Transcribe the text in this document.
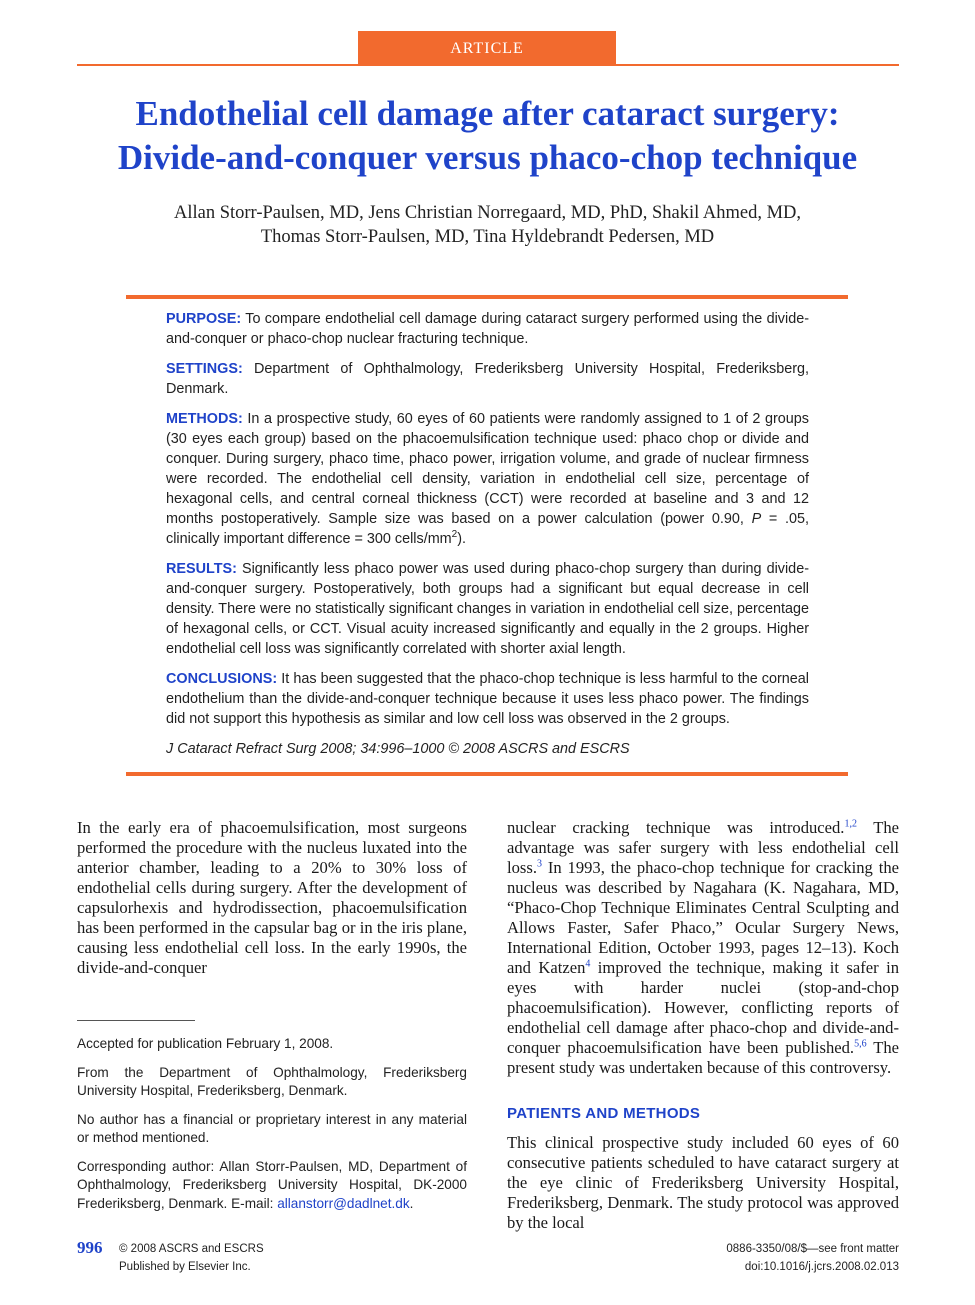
ARTICLE
Endothelial cell damage after cataract surgery:
Divide-and-conquer versus phaco-chop technique
Allan Storr-Paulsen, MD, Jens Christian Norregaard, MD, PhD, Shakil Ahmed, MD,
Thomas Storr-Paulsen, MD, Tina Hyldebrandt Pedersen, MD

PURPOSE: To compare endothelial cell damage during cataract surgery performed using the divide-and-conquer or phaco-chop nuclear fracturing technique.

SETTINGS: Department of Ophthalmology, Frederiksberg University Hospital, Frederiksberg, Denmark.

METHODS: In a prospective study, 60 eyes of 60 patients were randomly assigned to 1 of 2 groups (30 eyes each group) based on the phacoemulsification technique used: phaco chop or divide and conquer. During surgery, phaco time, phaco power, irrigation volume, and grade of nuclear firmness were recorded. The endothelial cell density, variation in endothelial cell size, percentage of hexagonal cells, and central corneal thickness (CCT) were recorded at baseline and 3 and 12 months postoperatively. Sample size was based on a power calculation (power 0.90, P = .05, clinically important difference = 300 cells/$mm^2$).

RESULTS: Significantly less phaco power was used during phaco-chop surgery than during divide-and-conquer surgery. Postoperatively, both groups had a significant but equal decrease in cell density. There were no statistically significant changes in variation in endothelial cell size, percentage of hexagonal cells, or CCT. Visual acuity increased significantly and equally in the 2 groups. Higher endothelial cell loss was significantly correlated with shorter axial length.

CONCLUSIONS: It has been suggested that the phaco-chop technique is less harmful to the corneal endothelium than the divide-and-conquer technique because it uses less phaco power. The findings did not support this hypothesis as similar and low cell loss was observed in the 2 groups.

J Cataract Refract Surg 2008; 34:996–1000 © 2008 ASCRS and ESCRS

In the early era of phacoemulsification, most surgeons performed the procedure with the nucleus luxated into the anterior chamber, leading to a 20% to 30% loss of endothelial cells during surgery. After the development of capsulorhexis and hydrodissection, phacoemulsification has been performed in the capsular bag or in the iris plane, causing less endothelial cell loss. In the early 1990s, the divide-and-conquer

Accepted for publication February 1, 2008.

From the Department of Ophthalmology, Frederiksberg University Hospital, Frederiksberg, Denmark.

No author has a financial or proprietary interest in any material or method mentioned.

Corresponding author: Allan Storr-Paulsen, MD, Department of Ophthalmology, Frederiksberg University Hospital, DK-2000 Frederiksberg, Denmark. E-mail: allanstorr@dadlnet.dk.

nuclear cracking technique was introduced.$^{1,2}$ The advantage was safer surgery with less endothelial cell loss.$^3$ In 1993, the phaco-chop technique for cracking the nucleus was described by Nagahara (K. Nagahara, MD, “Phaco-Chop Technique Eliminates Central Sculpting and Allows Faster, Safer Phaco,” Ocular Surgery News, International Edition, October 1993, pages 12–13). Koch and Katzen$^4$ improved the technique, making it safer in eyes with harder nuclei (stop-and-chop phacoemulsification). However, conflicting reports of endothelial cell damage after phaco-chop and divide-and-conquer phacoemulsification have been published.$^{5,6}$ The present study was undertaken because of this controversy.

PATIENTS AND METHODS

This clinical prospective study included 60 eyes of 60 consecutive patients scheduled to have cataract surgery at the eye clinic of Frederiksberg University Hospital, Frederiksberg, Denmark. The study protocol was approved by the local

996 © 2008 ASCRS and ESCRS
Published by Elsevier Inc.
0886-3350/08/$—see front matter
doi:10.1016/j.jcrs.2008.02.013
